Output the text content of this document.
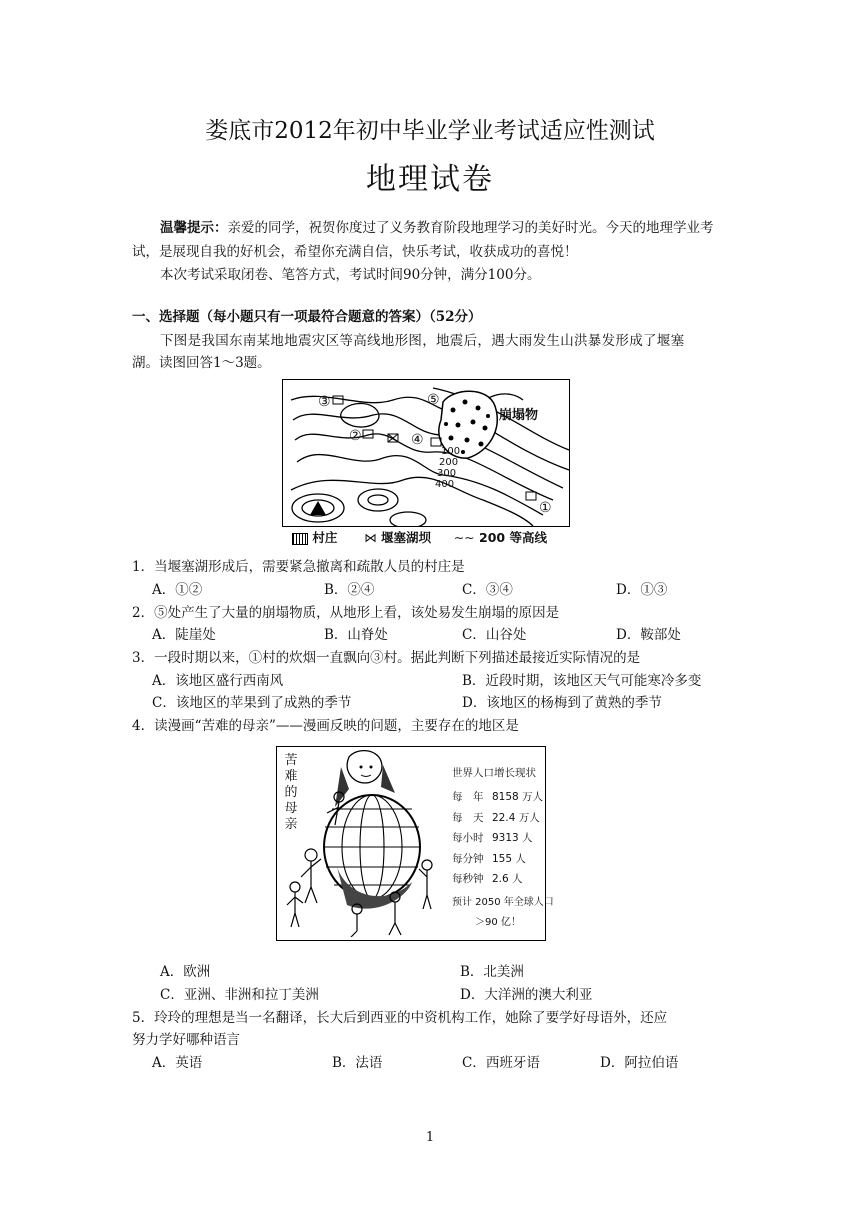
娄底市2012年初中毕业学业考试适应性测试
地理试卷
温馨提示：亲爱的同学，祝贺你度过了义务教育阶段地理学习的美好时光。今天的地理学业考试，是展现自我的好机会，希望你充满自信，快乐考试，收获成功的喜悦！
本次考试采取闭卷、笔答方式，考试时间90分钟，满分100分。
一、选择题（每小题只有一项最符合题意的答案）（52分）
下图是我国东南某地地震灾区等高线地形图，地震后，遇大雨发生山洪暴发形成了堰塞
湖。读图回答1～3题。
③
②	④
⑤
①
崩塌物
100
200
300
400
村庄 ⋈ 堰塞湖坝 ∼∼ 200 等高线
1．当堰塞湖形成后，需要紧急撤离和疏散人员的村庄是
A．①②	B．②④	C．③④	D．①③
2．⑤处产生了大量的崩塌物质，从地形上看，该处易发生崩塌的原因是
A．陡崖处	B．山脊处	C．山谷处	D．鞍部处
3．一段时期以来，①村的炊烟一直飘向③村。据此判断下列描述最接近实际情况的是
A．该地区盛行西南风	B．近段时期，该地区天气可能寒冷多变
C．该地区的苹果到了成熟的季节	D．该地区的杨梅到了黄熟的季节
4．读漫画“苦难的母亲”——漫画反映的问题，主要存在的地区是
苦 难 的 母 亲
世界人口增长现状
每　年 8158 万人
每　天 22.4 万人
每小时 9313 人
每分钟 155 人
每秒钟 2.6 人
预计 2050 年全球人口
＞90 亿！
A．欧洲	B．北美洲
C．亚洲、非洲和拉丁美洲	D．大洋洲的澳大利亚
5．玲玲的理想是当一名翻译，长大后到西亚的中资机构工作，她除了要学好母语外，还应
努力学好哪种语言
A．英语	B．法语	C．西班牙语	D．阿拉伯语
1
